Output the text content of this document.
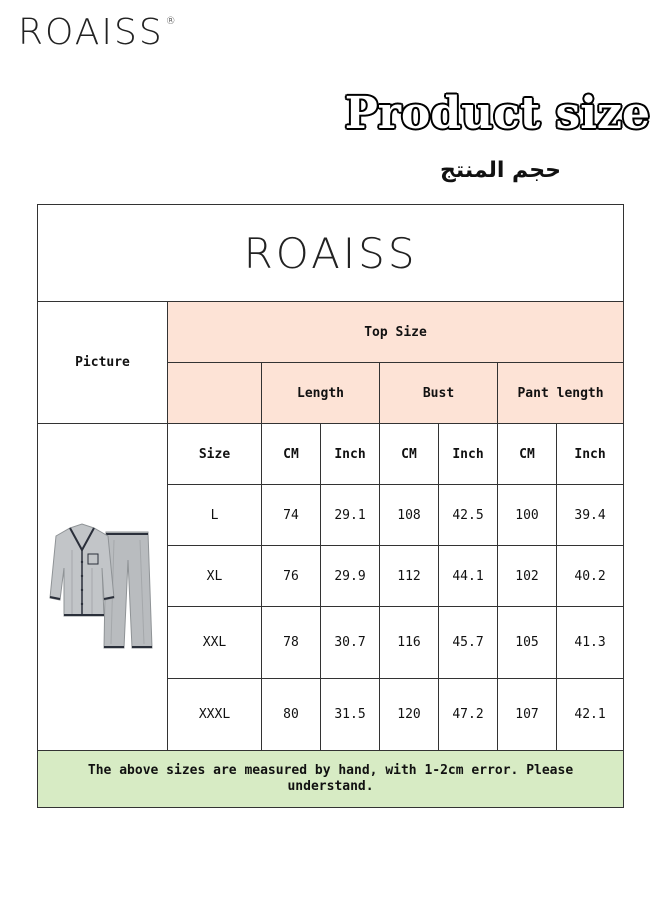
ROAISS ®
Product size
حجم المنتج
ROAISS							
Picture	Top Size						
		Length		Bust		Pant length	

	Size	CM	Inch	CM	Inch	CM	Inch
	L	74	29.1	108	42.5	100	39.4
	XL	76	29.9	112	44.1	102	40.2
	XXL	78	30.7	116	45.7	105	41.3
	XXXL	80	31.5	120	47.2	107	42.1
The above sizes are measured by hand, with 1-2cm error. Please understand.							
